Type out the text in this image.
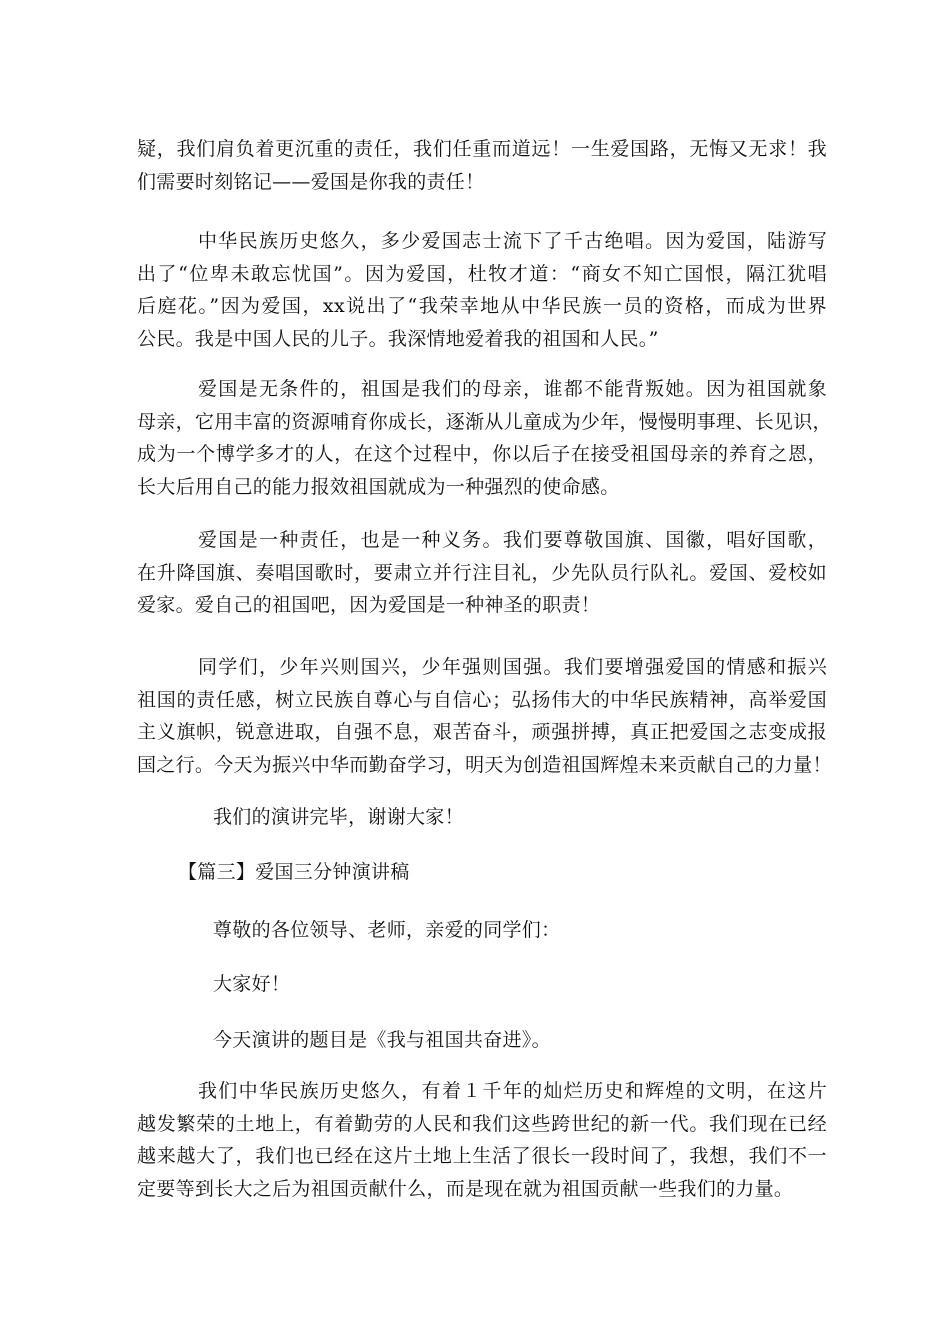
疑，我们肩负着更沉重的责任，我们任重而道远！一生爱国路，无悔又无求！我
们需要时刻铭记——爱国是你我的责任！
　　　中华民族历史悠久，多少爱国志士流下了千古绝唱。因为爱国，陆游写
出了“位卑未敢忘忧国”。因为爱国，杜牧才道：“商女不知亡国恨，隔江犹唱
后庭花。”因为爱国，xx说出了“我荣幸地从中华民族一员的资格，而成为世界
公民。我是中国人民的儿子。我深情地爱着我的祖国和人民。”
　　　爱国是无条件的，祖国是我们的母亲，谁都不能背叛她。因为祖国就象
母亲，它用丰富的资源哺育你成长，逐渐从儿童成为少年，慢慢明事理、长见识，
成为一个博学多才的人，在这个过程中，你以后子在接受祖国母亲的养育之恩，
长大后用自己的能力报效祖国就成为一种强烈的使命感。
　　　爱国是一种责任，也是一种义务。我们要尊敬国旗、国徽，唱好国歌，
在升降国旗、奏唱国歌时，要肃立并行注目礼，少先队员行队礼。爱国、爱校如
爱家。爱自己的祖国吧，因为爱国是一种神圣的职责！
　　　同学们，少年兴则国兴，少年强则国强。我们要增强爱国的情感和振兴
祖国的责任感，树立民族自尊心与自信心；弘扬伟大的中华民族精神，高举爱国
主义旗帜，锐意进取，自强不息，艰苦奋斗，顽强拼搏，真正把爱国之志变成报
国之行。今天为振兴中华而勤奋学习，明天为创造祖国辉煌未来贡献自己的力量！

我们的演讲完毕，谢谢大家！

【篇三】爱国三分钟演讲稿

尊敬的各位领导、老师，亲爱的同学们：

大家好！

今天演讲的题目是《我与祖国共奋进》。

　　　我们中华民族历史悠久，有着１千年的灿烂历史和辉煌的文明，在这片
越发繁荣的土地上，有着勤劳的人民和我们这些跨世纪的新一代。我们现在已经
越来越大了，我们也已经在这片土地上生活了很长一段时间了，我想，我们不一
定要等到长大之后为祖国贡献什么，而是现在就为祖国贡献一些我们的力量。
